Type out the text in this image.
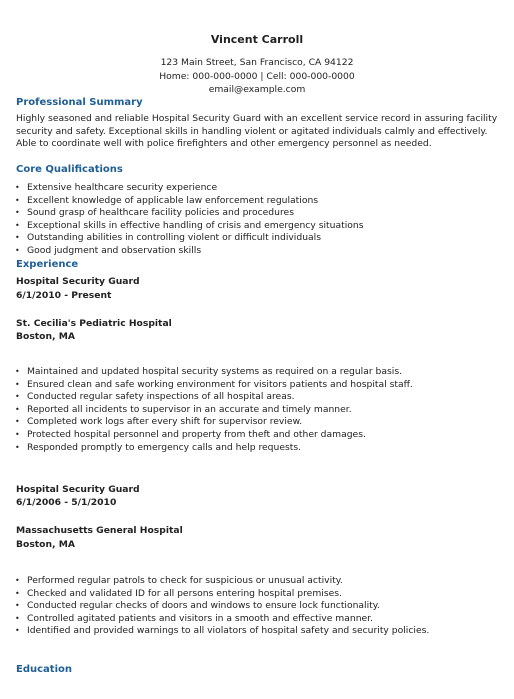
Vincent Carroll
123 Main Street, San Francisco, CA 94122
Home: 000-000-0000 | Cell: 000-000-0000
email@example.com
Professional Summary
Highly seasoned and reliable Hospital Security Guard with an excellent service record in assuring facility security and safety. Exceptional skills in handling violent or agitated individuals calmly and effectively. Able to coordinate well with police firefighters and other emergency personnel as needed.
Core Qualifications
• Extensive healthcare security experience
• Excellent knowledge of applicable law enforcement regulations
• Sound grasp of healthcare facility policies and procedures
• Exceptional skills in effective handling of crisis and emergency situations
• Outstanding abilities in controlling violent or difficult individuals
• Good judgment and observation skills
Experience
Hospital Security Guard
6/1/2010 - Present
St. Cecilia's Pediatric Hospital
Boston, MA
• Maintained and updated hospital security systems as required on a regular basis.
• Ensured clean and safe working environment for visitors patients and hospital staff.
• Conducted regular safety inspections of all hospital areas.
• Reported all incidents to supervisor in an accurate and timely manner.
• Completed work logs after every shift for supervisor review.
• Protected hospital personnel and property from theft and other damages.
• Responded promptly to emergency calls and help requests.
Hospital Security Guard
6/1/2006 - 5/1/2010
Massachusetts General Hospital
Boston, MA
• Performed regular patrols to check for suspicious or unusual activity.
• Checked and validated ID for all persons entering hospital premises.
• Conducted regular checks of doors and windows to ensure lock functionality.
• Controlled agitated patients and visitors in a smooth and effective manner.
• Identified and provided warnings to all violators of hospital safety and security policies.
Education
